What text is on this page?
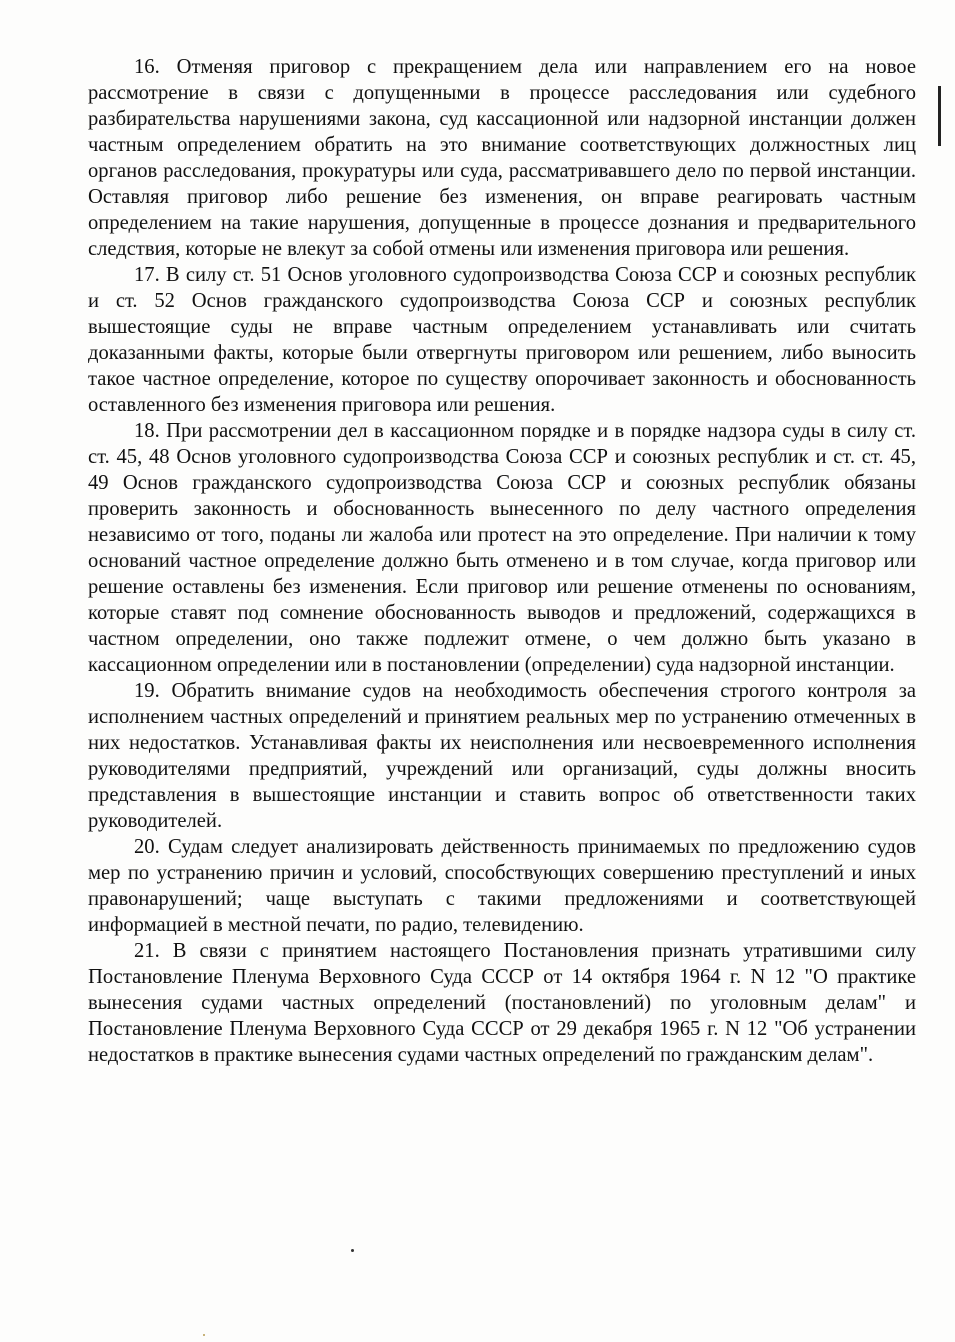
16. Отменяя приговор с прекращением дела или направлением его на новое рассмотрение в связи с допущенными в процессе расследования или судебного разбирательства нарушениями закона, суд кассационной или надзорной инстанции должен частным определением обратить на это внимание соответствующих должностных лиц органов расследования, прокуратуры или суда, рассматривавшего дело по первой инстанции. Оставляя приговор либо решение без изменения, он вправе реагировать частным определением на такие нарушения, допущенные в процессе дознания и предварительного следствия, которые не влекут за собой отмены или изменения приговора или решения.

17. В силу ст. 51 Основ уголовного судопроизводства Союза ССР и союзных республик и ст. 52 Основ гражданского судопроизводства Союза ССР и союзных республик вышестоящие суды не вправе частным определением устанавливать или считать доказанными факты, которые были отвергнуты приговором или решением, либо выносить такое частное определение, которое по существу опорочивает законность и обоснованность оставленного без изменения приговора или решения.

18. При рассмотрении дел в кассационном порядке и в порядке надзора суды в силу ст. ст. 45, 48 Основ уголовного судопроизводства Союза ССР и союзных республик и ст. ст. 45, 49 Основ гражданского судопроизводства Союза ССР и союзных республик обязаны проверить законность и обоснованность вынесенного по делу частного определения независимо от того, поданы ли жалоба или протест на это определение. При наличии к тому оснований частное определение должно быть отменено и в том случае, когда приговор или решение оставлены без изменения. Если приговор или решение отменены по основаниям, которые ставят под сомнение обоснованность выводов и предложений, содержащихся в частном определении, оно также подлежит отмене, о чем должно быть указано в кассационном определении или в постановлении (определении) суда надзорной инстанции.

19. Обратить внимание судов на необходимость обеспечения строгого контроля за исполнением частных определений и принятием реальных мер по устранению отмеченных в них недостатков. Устанавливая факты их неисполнения или несвоевременного исполнения руководителями предприятий, учреждений или организаций, суды должны вносить представления в вышестоящие инстанции и ставить вопрос об ответственности таких руководителей.

20. Судам следует анализировать действенность принимаемых по предложению судов мер по устранению причин и условий, способствующих совершению преступлений и иных правонарушений; чаще выступать с такими предложениями и соответствующей информацией в местной печати, по радио, телевидению.

21. В связи с принятием настоящего Постановления признать утратившими силу Постановление Пленума Верховного Суда СССР от 14 октября 1964 г. N 12 "О практике вынесения судами частных определений (постановлений) по уголовным делам" и Постановление Пленума Верховного Суда СССР от 29 декабря 1965 г. N 12 "Об устранении недостатков в практике вынесения судами частных определений по гражданским делам".
